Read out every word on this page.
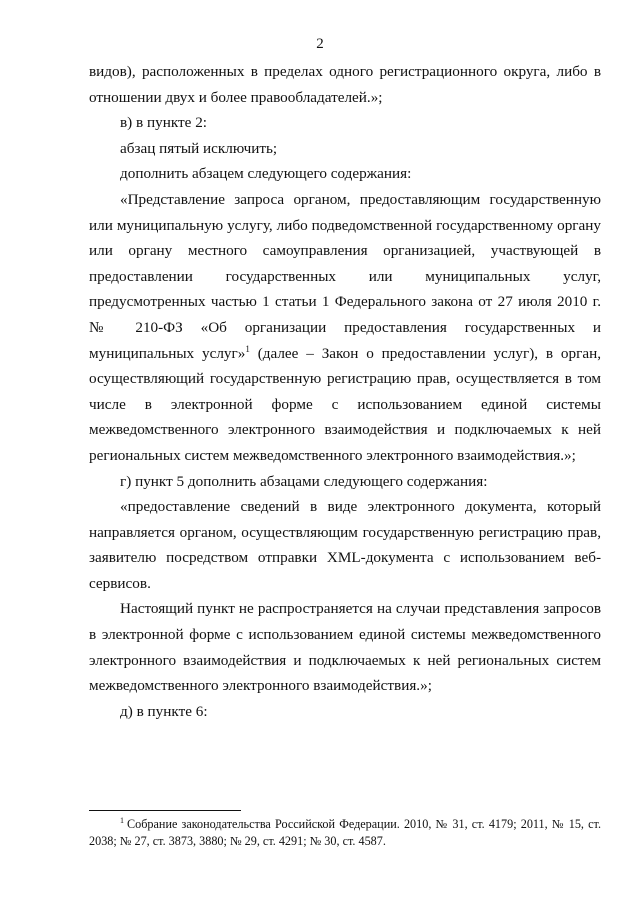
2

видов), расположенных в пределах одного регистрационного округа, либо в отношении двух и более правообладателей.»;

в) в пункте 2:

абзац пятый исключить;

дополнить абзацем следующего содержания:

«Представление запроса органом, предоставляющим государственную или муниципальную услугу, либо подведомственной государственному органу или органу местного самоуправления организацией, участвующей в предоставлении государственных или муниципальных услуг, предусмотренных частью 1 статьи 1 Федерального закона от 27 июля 2010 г. № 210-ФЗ «Об организации предоставления государственных и муниципальных услуг»$^1$ (далее – Закон о предоставлении услуг), в орган, осуществляющий государственную регистрацию прав, осуществляется в том числе в электронной форме с использованием единой системы межведомственного электронного взаимодействия и подключаемых к ней региональных систем межведомственного электронного взаимодействия.»;

г) пункт 5 дополнить абзацами следующего содержания:

«предоставление сведений в виде электронного документа, который направляется органом, осуществляющим государственную регистрацию прав, заявителю посредством отправки XML-документа с использованием веб-сервисов.

Настоящий пункт не распространяется на случаи представления запросов в электронной форме с использованием единой системы межведомственного электронного взаимодействия и подключаемых к ней региональных систем межведомственного электронного взаимодействия.»;

д) в пункте 6:

$^1$ Собрание законодательства Российской Федерации. 2010, № 31, ст. 4179; 2011, № 15, ст. 2038; № 27, ст. 3873, 3880; № 29, ст. 4291; № 30, ст. 4587.
